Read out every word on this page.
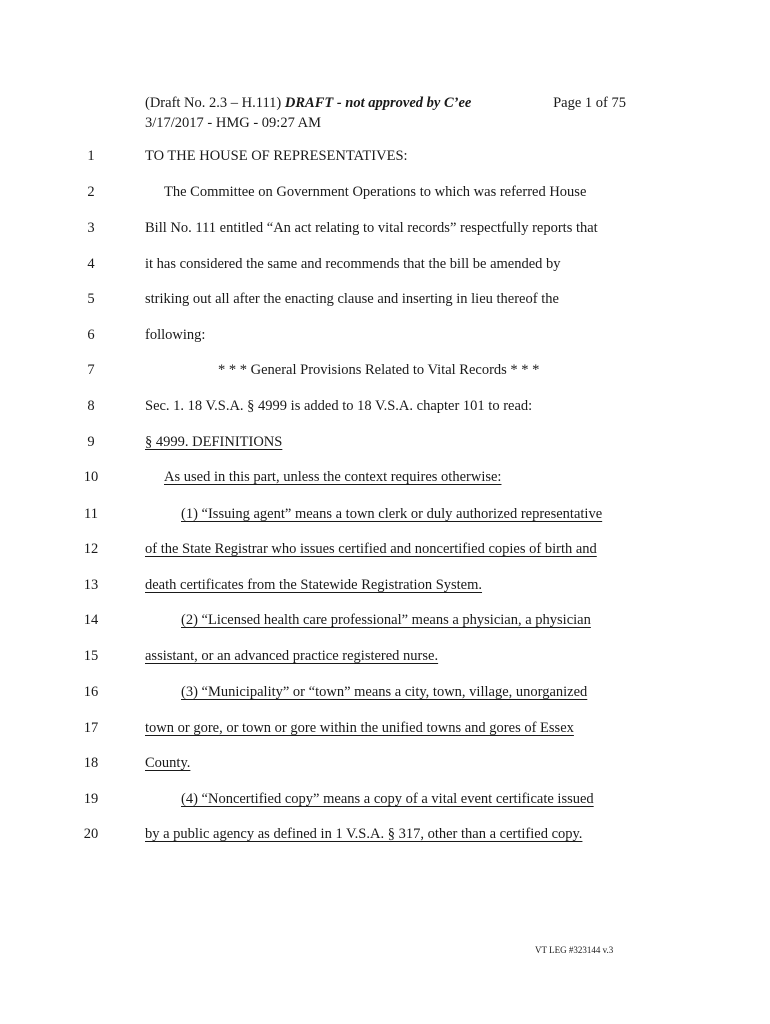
(Draft No. 2.3 – H.111) DRAFT - not approved by C’ee	Page 1 of 75
3/17/2017 - HMG - 09:27 AM
1	TO THE HOUSE OF REPRESENTATIVES:
2	The Committee on Government Operations to which was referred House
3	Bill No. 111 entitled “An act relating to vital records” respectfully reports that
4	it has considered the same and recommends that the bill be amended by
5	striking out all after the enacting clause and inserting in lieu thereof the
6	following:
7	* * * General Provisions Related to Vital Records * * *
8	Sec. 1. 18 V.S.A. § 4999 is added to 18 V.S.A. chapter 101 to read:
9	§ 4999. DEFINITIONS
10	As used in this part, unless the context requires otherwise:
11	(1) “Issuing agent” means a town clerk or duly authorized representative
12	of the State Registrar who issues certified and noncertified copies of birth and
13	death certificates from the Statewide Registration System.
14	(2) “Licensed health care professional” means a physician, a physician
15	assistant, or an advanced practice registered nurse.
16	(3) “Municipality” or “town” means a city, town, village, unorganized
17	town or gore, or town or gore within the unified towns and gores of Essex
18	County.
19	(4) “Noncertified copy” means a copy of a vital event certificate issued
20	by a public agency as defined in 1 V.S.A. § 317, other than a certified copy.
VT LEG #323144 v.3
